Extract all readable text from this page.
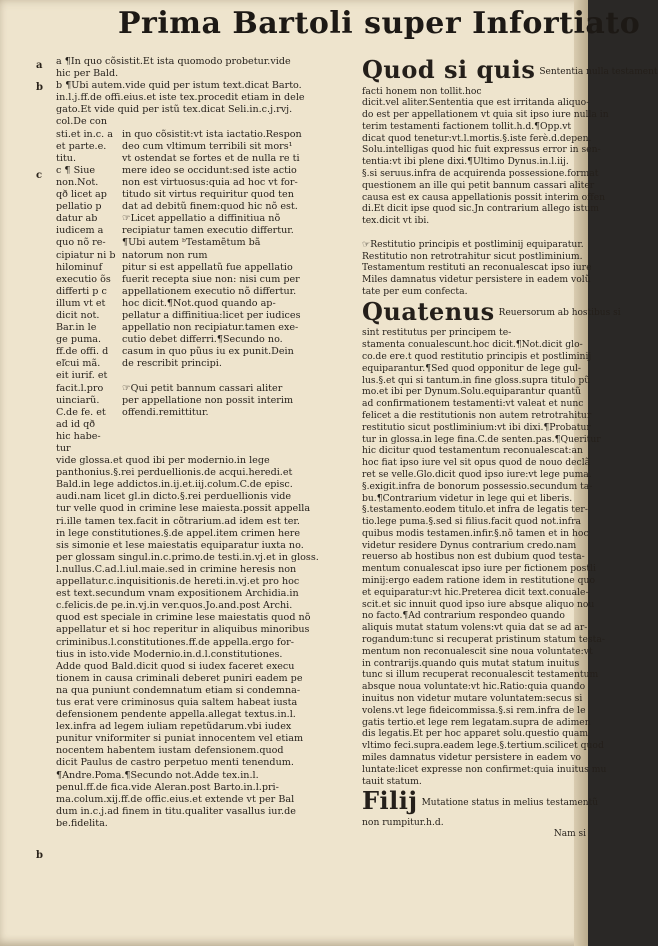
Prima Bartoli super Infortiato
a
b
c
b

a ¶In quo cõsistit.Et ista quomodo probetur.vide

hic per Bald.

b ¶Ubi autem.vide quid per istum text.dicat Barto.

in.l.j.ff.de offi.eius.et iste tex.procedit etiam in dele

gato.Et vide quid per istũ tex.dicat Seli.in.c.j.rvj.

col.De con

sti.et in.c. a

et parte.e.

titu.

c ¶ Siue

non.Not.

qð licet ap

pellatio p

datur ab

iudicem a

quo nõ re-

cipiatur ni b

hilominuf

executio õs

differti p c

illum vt et

dicit not.

Bar.in le

ge puma.

ff.de offi. d

eľcui mã.

eit iurif. et

facit.l.pro

uinciarũ.

C.de fe. et

ad id qð

hic habe-

tur

in quo cõsistit:vt ista iactatio.Respon

deo cum vltimum terribili sit mors¹

vt ostendat se fortes et de nulla re ti

mere ideo se occidunt:sed iste actio

non est virtuosus:quia ad hoc vt for-

titudo sit virtus requiritur quod ten

dat ad debitũ finem:quod hic nõ est.

☞Licet appellatio a diffinitiua nõ

recipiatur tamen executio differtur.

¶Ubi autem ᵇTestamẽtum bã

natorum non rum

pitur si est appellatũ fue appellatio

fuerit recepta siue non: nisi cum per

appellationem executio nõ differtur.

hoc dicit.¶Not.quod quando ap-

pellatur a diffinitiua:licet per iudices

appellatio non recipiatur.tamen exe-

cutio debet differri.¶Secundo no.

casum in quo pũus iu ex punit.Dein

de rescribit principi.

☞Qui petit bannum cassari aliter

per appellatione non possit interim

offendi.remittitur.

vide glossa.et quod ibi per modernio.in lege

panthonius.§.rei perduellionis.de acqui.heredi.et

Bald.in lege addictos.in.ij.et.iij.colum.C.de episc.

audi.nam licet gl.in dicto.§.rei perduellionis vide

tur velle quod in crimine lese maiesta.possit appella

ri.ille tamen tex.facit in cõtrarium.ad idem est ter.

in lege constitutiones.§.de appel.item crimen here

sis simonie et lese maiestatis equiparatur iuxta no.

per glossam singul.in.c.primo.de testi.in.vj.et in gloss.

l.nullus.C.ad.l.iul.maie.sed in crimine heresis non

appellatur.c.inquisitionis.de hereti.in.vj.et pro hoc

est text.secundum vnam expositionem Archidia.in

c.felicis.de pe.in.vj.in ver.quos.Jo.and.post Archi.

quod est speciale in crimine lese maiestatis quod nõ

appellatur et si hoc reperitur in aliquibus minoribus

criminibus.l.constitutiones.ff.de appella.ergo for-

tius in isto.vide Modernio.in.d.l.constitutiones.

Adde quod Bald.dicit quod si iudex faceret execu

tionem in causa criminali deberet puniri eadem pe

na qua puniunt condemnatum etiam si condemna-

tus erat vere criminosus quia saltem habeat iusta

defensionem pendente appella.allegat textus.in.l.

lex.infra ad legem iuliam repetũdarum.vbi iudex

punitur vniformiter si puniat innocentem vel etiam

nocentem habentem iustam defensionem.quod

dicit Paulus de castro perpetuo menti tenendum.

¶Andre.Poma.¶Secundo not.Adde tex.in.l.

penul.ff.de fica.vide Aleran.post Barto.in.l.pri-

ma.colum.xij.ff.de offic.eius.et extende vt per Bal

dum in.c.j.ad finem in titu.qualiter vasallus iur.de

be.fidelita.

Quod si quis Sententia nulla testament

facti honem non tollit.hoc

dicit.vel aliter.Sententia que est irritanda aliquo-

do est per appellationem vt quia sit ipso iure nulla in

terim testamenti factionem tollit.h.d.¶Opp.vt

dicat quod tenetur:vt.l.mortis.§.iste ferè.d.depen.

Solu.intelligas quod hic fuit expressus error in sen-

tentia:vt ibi plene dixi.¶Ultimo Dynus.in.l.iij.

§.si seruus.infra de acquirenda possessione.format

questionem an ille qui petit bannum cassari aliter

causa est ex causa appellationis possit interim offen

di.Et dicit ipse quod sic.Jn contrarium allego istum

tex.dicit vt ibi.

☞Restitutio principis et postliminij equiparatur.

Restitutio non retrotrahitur sicut postliminium.

Testamentum restituti an reconualescat ipso iure

Miles damnatus videtur persistere in eadem volũ

tate per eum confecta.

Quatenus Reuersorum ab hostibus si

sint restitutus per principem te-

stamenta conualescunt.hoc dicit.¶Not.dicit glo-

co.de ere.t quod restitutio principis et postliminij

equiparantur.¶Sed quod opponitur de lege gul-

lus.§.et qui si tantum.in fine gloss.supra titulo pũ

mo.et ibi per Dynum.Solu.equiparantur quantũ

ad confirmationem testamenti:vt valeat et nunc

felicet a die restitutionis non autem retrotrahitur

restitutio sicut postliminium:vt ibi dixi.¶Probatur

tur in glossa.in lege fina.C.de senten.pas.¶Queritur

hic dicitur quod testamentum reconualescat:an

hoc fiat ipso iure vel sit opus quod de nouo declã

ret se velle.Glo.dicit quod ipso iure:vt lege puma.

§.exigit.infra de bonorum possessio.secundum ta-

bu.¶Contrarium videtur in lege qui et liberis.

§.testamento.eodem titulo.et infra de legatis ter-

tio.lege puma.§.sed si filius.facit quod not.infra

quibus modis testamen.infir.§.nõ tamen et in hoc

videtur residere Dynus contrarium credo.nam

reuerso ab hostibus non est dubium quod testa-

mentum conualescat ipso iure per fictionem postli

minij:ergo eadem ratione idem in restitutione quo

et equiparatur:vt hic.Preterea dicit text.conuale-

scit.et sic innuit quod ipso iure absque aliquo nou

no facto.¶Ad contrarium respondeo quando

aliquis mutat statum volens:vt quia dat se ad ar-

rogandum:tunc si recuperat pristinum statum testa-

mentum non reconualescit sine noua voluntate:vt

in contrarijs.quando quis mutat statum inuitus

tunc si illum recuperat reconualescit testamentum

absque noua voluntate:vt hic.Ratio:quia quando

inuitus non videtur mutare voluntatem:secus si

volens.vt lege fideicommissa.§.si rem.infra de le

gatis tertio.et lege rem legatam.supra de adimen

dis legatis.Et per hoc apparet solu.questio quam

vltimo feci.supra.eadem lege.§.tertium.scilicet quod

miles damnatus videtur persistere in eadem vo

luntate:licet expresse non confirmet:quia inuitus mu

tauit statum.

Filij Mutatione status in melius testamentũ

non rumpitur.h.d.

Nam si
